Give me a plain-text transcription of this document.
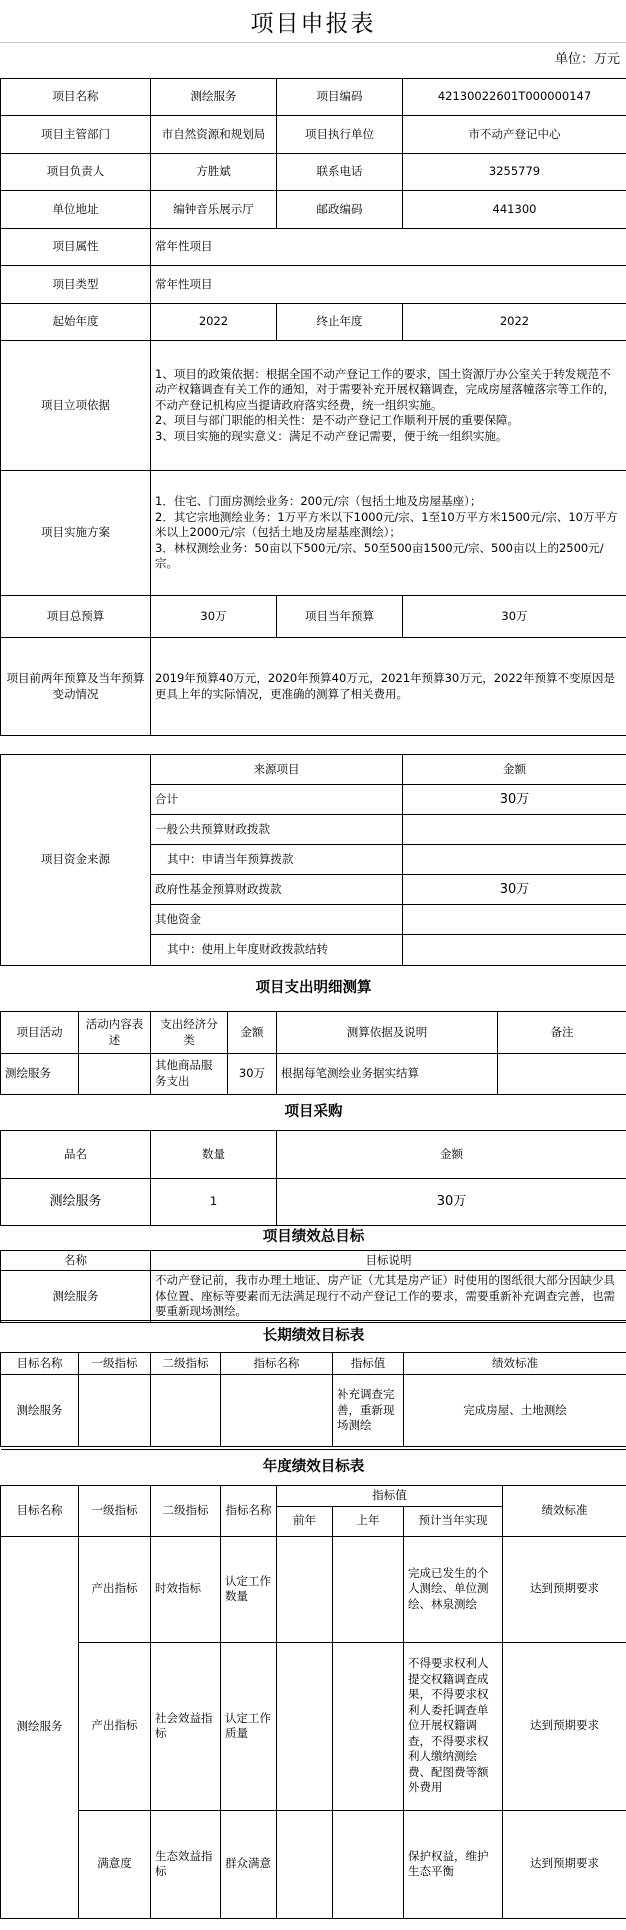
项目申报表
单位：万元
项目名称	测绘服务	项目编码	42130022601T000000147
项目主管部门	市自然资源和规划局	项目执行单位	市不动产登记中心
项目负责人	方胜斌	联系电话	3255779
单位地址	编钟音乐展示厅	邮政编码	441300
项目属性	常年性项目		
项目类型	常年性项目		
起始年度	2022	终止年度	2022
项目立项依据	1、项目的政策依据：根据全国不动产登记工作的要求，国土资源厅办公室关于转发规范不动产权籍调查有关工作的通知，对于需要补充开展权籍调查，完成房屋落幢落宗等工作的，不动产登记机构应当提请政府落实经费，统一组织实施。

2、项目与部门职能的相关性：是不动产登记工作顺利开展的重要保障。

3、项目实施的现实意义：满足不动产登记需要，便于统一组织实施。		

项目实施方案	1．住宅、门面房测绘业务：200元/宗（包括土地及房屋基座）；

2．其它宗地测绘业务：1万平方米以下1000元/宗、1至10万平方米1500元/宗、10万平方米以上2000元/宗（包括土地及房屋基座测绘）；

3．林权测绘业务：50亩以下500元/宗、50至500亩1500元/宗、500亩以上的2500元/宗。		

项目总预算	30万	项目当年预算	30万
项目前两年预算及当年预算变动情况	2019年预算40万元，2020年预算40万元，2021年预算30万元，2022年预算不变原因是更具上年的实际情况，更准确的测算了相关费用。		
项目资金来源	来源项目	金额
	合计	30万
	一般公共预算财政拨款	
	其中：申请当年预算拨款	
	政府性基金预算财政拨款	30万
	其他资金	
	其中：使用上年度财政拨款结转	
项目支出明细测算					
项目活动	活动内容表述	支出经济分类	金额	测算依据及说明	备注
测绘服务		其他商品服务支出	30万	根据每笔测绘业务据实结算	
项目采购		
品名	数量	金额
测绘服务	1	30万
项目绩效总目标	
名称	目标说明
测绘服务	不动产登记前，我市办理土地证、房产证（尤其是房产证）时使用的图纸很大部分因缺少具体位置、座标等要素而无法满足现行不动产登记工作的要求，需要重新补充调查完善，也需要重新现场测绘。
长期绩效目标表					
目标名称	一级指标	二级指标	指标名称	指标值	绩效标准
测绘服务				补充调查完善，重新现场测绘	完成房屋、土地测绘
年度绩效目标表							
目标名称	一级指标	二级指标	指标名称	指标值			绩效标准
				前年	上年	预计当年实现	
测绘服务	产出指标	时效指标	认定工作数量			完成已发生的个人测绘、单位测绘、林泉测绘	达到预期要求
	产出指标	社会效益指标	认定工作质量			不得要求权利人提交权籍调查成果，不得要求权利人委托调查单位开展权籍调查，不得要求权利人缴纳测绘费、配图费等额外费用	达到预期要求
	满意度	生态效益指标	群众满意			保护权益，维护生态平衡	达到预期要求
